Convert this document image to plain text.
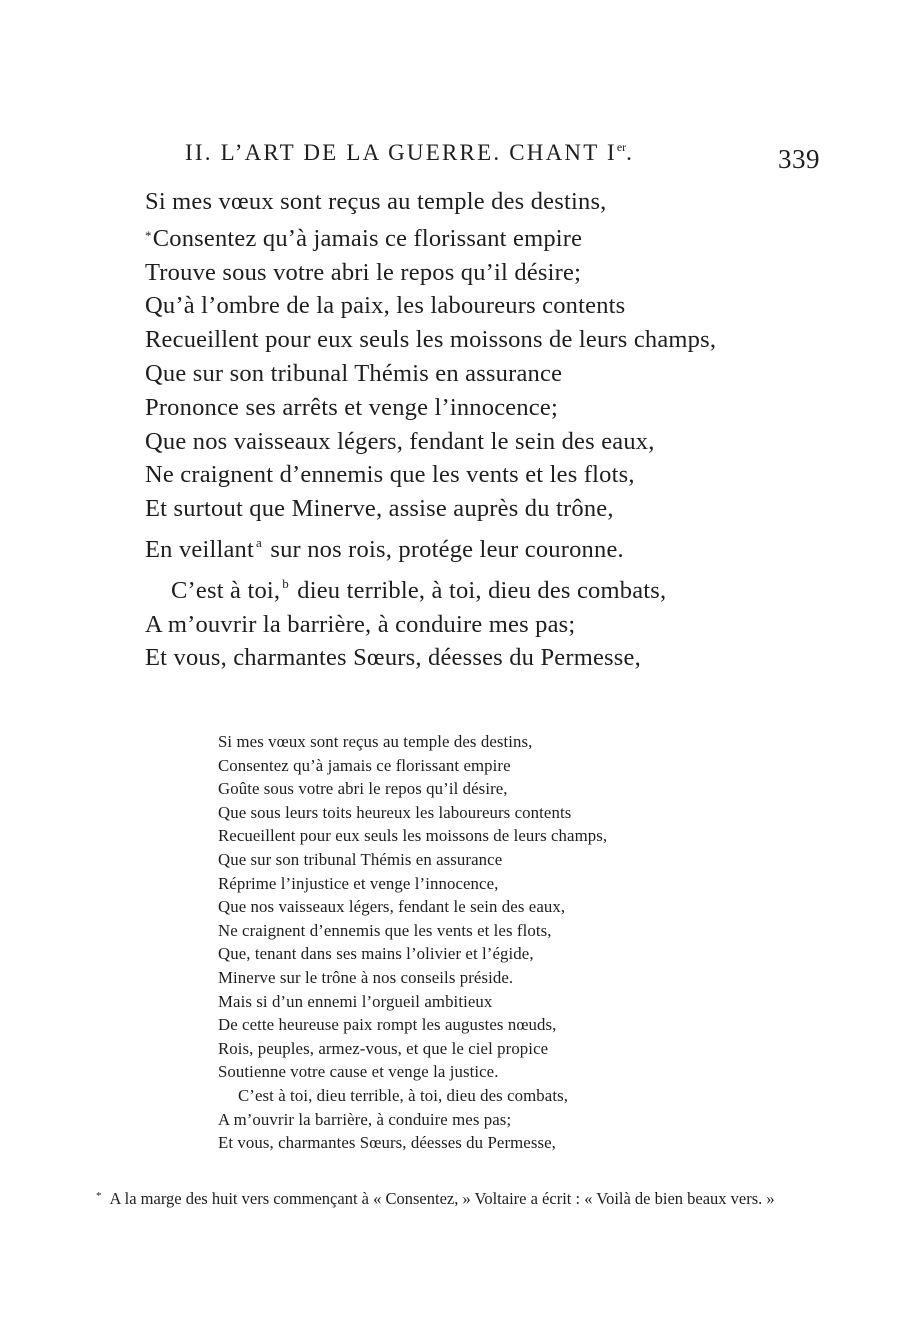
II. L’ART DE LA GUERRE. CHANT Ier.	339
Si mes vœux sont reçus au temple des destins,
*Consentez qu’à jamais ce florissant empire
Trouve sous votre abri le repos qu’il désire;
Qu’à l’ombre de la paix, les laboureurs contents
Recueillent pour eux seuls les moissons de leurs champs,
Que sur son tribunal Thémis en assurance
Prononce ses arrêts et venge l’innocence;
Que nos vaisseaux légers, fendant le sein des eaux,
Ne craignent d’ennemis que les vents et les flots,
Et surtout que Minerve, assise auprès du trône,
En veillant $^a$ sur nos rois, protége leur couronne.
C’est à toi, $^b$ dieu terrible, à toi, dieu des combats,
A m’ouvrir la barrière, à conduire mes pas;
Et vous, charmantes Sœurs, déesses du Permesse,
Si mes vœux sont reçus au temple des destins,
Consentez qu’à jamais ce florissant empire
Goûte sous votre abri le repos qu’il désire,
Que sous leurs toits heureux les laboureurs contents
Recueillent pour eux seuls les moissons de leurs champs,
Que sur son tribunal Thémis en assurance
Réprime l’injustice et venge l’innocence,
Que nos vaisseaux légers, fendant le sein des eaux,
Ne craignent d’ennemis que les vents et les flots,
Que, tenant dans ses mains l’olivier et l’égide,
Minerve sur le trône à nos conseils préside.
Mais si d’un ennemi l’orgueil ambitieux
De cette heureuse paix rompt les augustes nœuds,
Rois, peuples, armez-vous, et que le ciel propice
Soutienne votre cause et venge la justice.
C’est à toi, dieu terrible, à toi, dieu des combats,
A m’ouvrir la barrière, à conduire mes pas;
Et vous, charmantes Sœurs, déesses du Permesse,
* A la marge des huit vers commençant à « Consentez, » Voltaire a écrit : « Voilà de bien beaux vers. »
